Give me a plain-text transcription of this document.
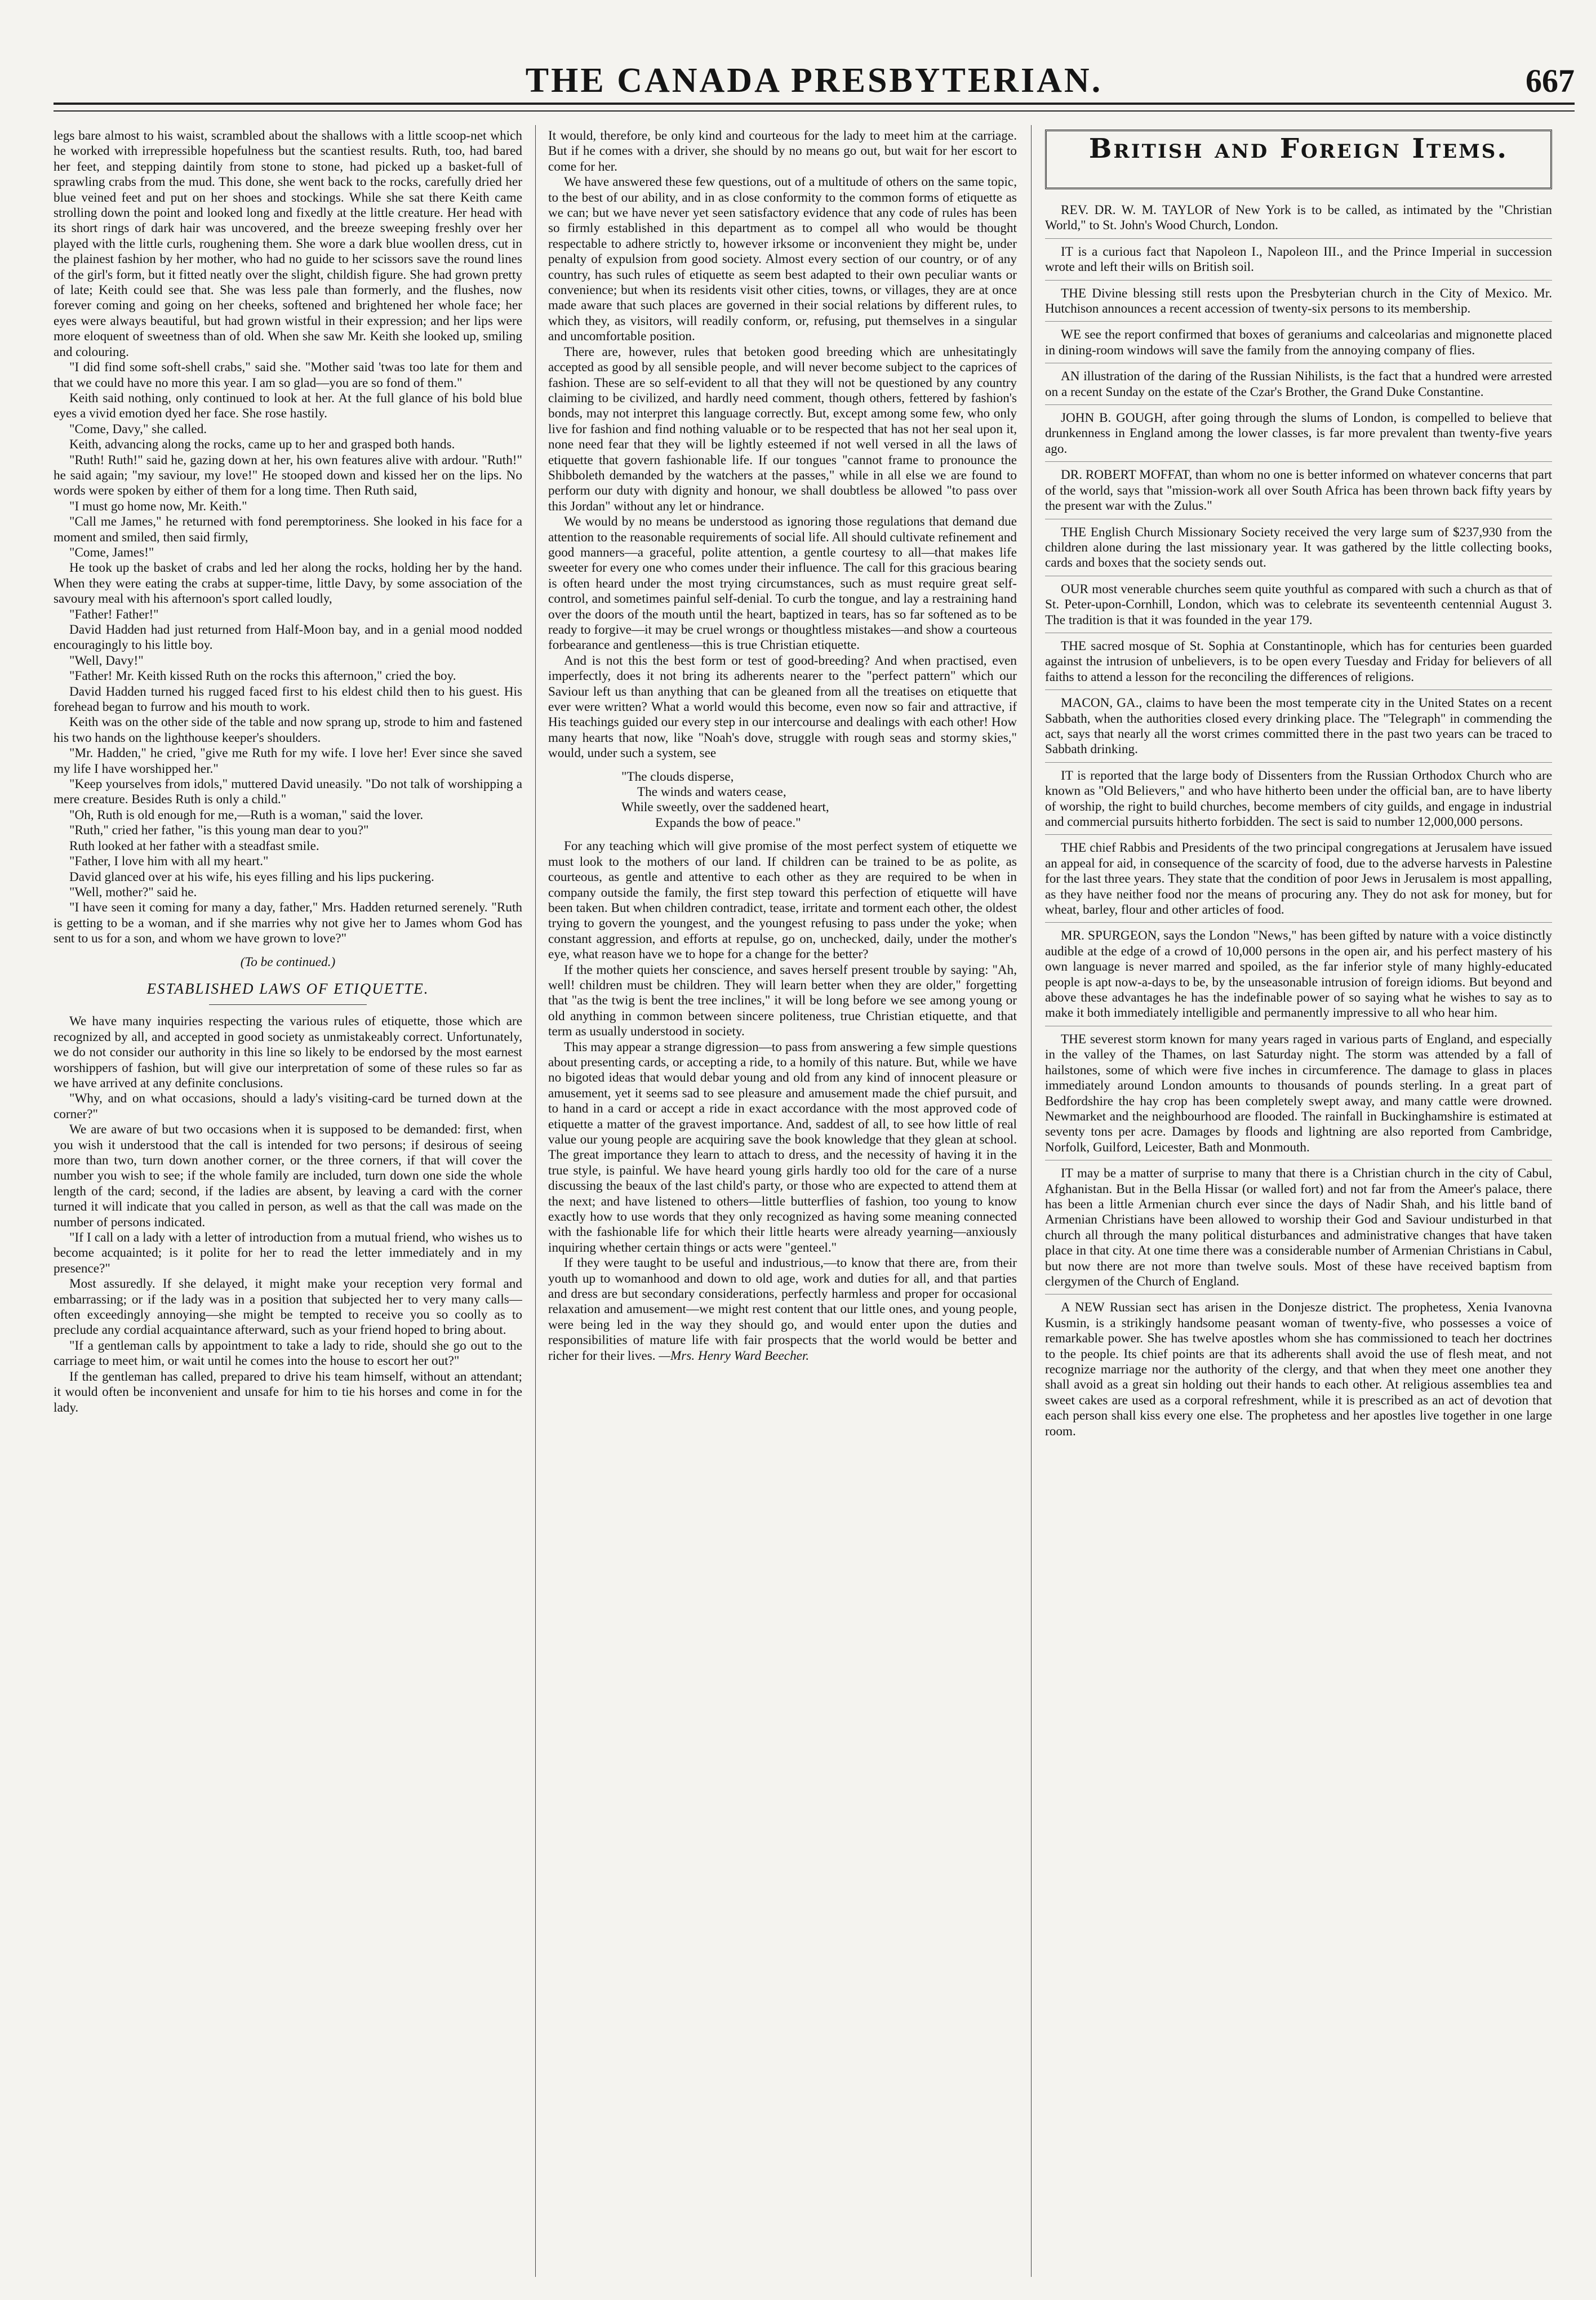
THE CANADA PRESBYTERIAN.	667

legs bare almost to his waist, scrambled about the shallows with a little scoop-net which he worked with irrepressible hopefulness but the scantiest results. Ruth, too, had bared her feet, and stepping daintily from stone to stone, had picked up a basket-full of sprawling crabs from the mud. This done, she went back to the rocks, carefully dried her blue veined feet and put on her shoes and stockings. While she sat there Keith came strolling down the point and looked long and fixedly at the little creature. Her head with its short rings of dark hair was uncovered, and the breeze sweeping freshly over her played with the little curls, roughening them. She wore a dark blue woollen dress, cut in the plainest fashion by her mother, who had no guide to her scissors save the round lines of the girl's form, but it fitted neatly over the slight, childish figure. She had grown pretty of late; Keith could see that. She was less pale than formerly, and the flushes, now forever coming and going on her cheeks, softened and brightened her whole face; her eyes were always beautiful, but had grown wistful in their expression; and her lips were more eloquent of sweetness than of old. When she saw Mr. Keith she looked up, smiling and colouring.

"I did find some soft-shell crabs," said she. "Mother said 'twas too late for them and that we could have no more this year. I am so glad—you are so fond of them."

Keith said nothing, only continued to look at her. At the full glance of his bold blue eyes a vivid emotion dyed her face. She rose hastily.

"Come, Davy," she called.

Keith, advancing along the rocks, came up to her and grasped both hands.

"Ruth! Ruth!" said he, gazing down at her, his own features alive with ardour. "Ruth!" he said again; "my saviour, my love!" He stooped down and kissed her on the lips. No words were spoken by either of them for a long time. Then Ruth said,

"I must go home now, Mr. Keith."

"Call me James," he returned with fond peremptoriness. She looked in his face for a moment and smiled, then said firmly,

"Come, James!"

He took up the basket of crabs and led her along the rocks, holding her by the hand. When they were eating the crabs at supper-time, little Davy, by some association of the savoury meal with his afternoon's sport called loudly,

"Father! Father!"

David Hadden had just returned from Half-Moon bay, and in a genial mood nodded encouragingly to his little boy.

"Well, Davy!"

"Father! Mr. Keith kissed Ruth on the rocks this afternoon," cried the boy.

David Hadden turned his rugged faced first to his eldest child then to his guest. His forehead began to furrow and his mouth to work.

Keith was on the other side of the table and now sprang up, strode to him and fastened his two hands on the lighthouse keeper's shoulders.

"Mr. Hadden," he cried, "give me Ruth for my wife. I love her! Ever since she saved my life I have worshipped her."

"Keep yourselves from idols," muttered David uneasily. "Do not talk of worshipping a mere creature. Besides Ruth is only a child."

"Oh, Ruth is old enough for me,—Ruth is a woman," said the lover.

"Ruth," cried her father, "is this young man dear to you?"

Ruth looked at her father with a steadfast smile.

"Father, I love him with all my heart."

David glanced over at his wife, his eyes filling and his lips puckering.

"Well, mother?" said he.

"I have seen it coming for many a day, father," Mrs. Hadden returned serenely. "Ruth is getting to be a woman, and if she marries why not give her to James whom God has sent to us for a son, and whom we have grown to love?"

(To be continued.)

ESTABLISHED LAWS OF ETIQUETTE.

We have many inquiries respecting the various rules of etiquette, those which are recognized by all, and accepted in good society as unmistakeably correct. Unfortunately, we do not consider our authority in this line so likely to be endorsed by the most earnest worshippers of fashion, but will give our interpretation of some of these rules so far as we have arrived at any definite conclusions.

"Why, and on what occasions, should a lady's visiting-card be turned down at the corner?"

We are aware of but two occasions when it is supposed to be demanded: first, when you wish it understood that the call is intended for two persons; if desirous of seeing more than two, turn down another corner, or the three corners, if that will cover the number you wish to see; if the whole family are included, turn down one side the whole length of the card; second, if the ladies are absent, by leaving a card with the corner turned it will indicate that you called in person, as well as that the call was made on the number of persons indicated.

"If I call on a lady with a letter of introduction from a mutual friend, who wishes us to become acquainted; is it polite for her to read the letter immediately and in my presence?"

Most assuredly. If she delayed, it might make your reception very formal and embarrassing; or if the lady was in a position that subjected her to very many calls—often exceedingly annoying—she might be tempted to receive you so coolly as to preclude any cordial acquaintance afterward, such as your friend hoped to bring about.

"If a gentleman calls by appointment to take a lady to ride, should she go out to the carriage to meet him, or wait until he comes into the house to escort her out?"

If the gentleman has called, prepared to drive his team himself, without an attendant; it would often be inconvenient and unsafe for him to tie his horses and come in for the lady.

It would, therefore, be only kind and courteous for the lady to meet him at the carriage. But if he comes with a driver, she should by no means go out, but wait for her escort to come for her.

We have answered these few questions, out of a multitude of others on the same topic, to the best of our ability, and in as close conformity to the common forms of etiquette as we can; but we have never yet seen satisfactory evidence that any code of rules has been so firmly established in this department as to compel all who would be thought respectable to adhere strictly to, however irksome or inconvenient they might be, under penalty of expulsion from good society. Almost every section of our country, or of any country, has such rules of etiquette as seem best adapted to their own peculiar wants or convenience; but when its residents visit other cities, towns, or villages, they are at once made aware that such places are governed in their social relations by different rules, to which they, as visitors, will readily conform, or, refusing, put themselves in a singular and uncomfortable position.

There are, however, rules that betoken good breeding which are unhesitatingly accepted as good by all sensible people, and will never become subject to the caprices of fashion. These are so self-evident to all that they will not be questioned by any country claiming to be civilized, and hardly need comment, though others, fettered by fashion's bonds, may not interpret this language correctly. But, except among some few, who only live for fashion and find nothing valuable or to be respected that has not her seal upon it, none need fear that they will be lightly esteemed if not well versed in all the laws of etiquette that govern fashionable life. If our tongues "cannot frame to pronounce the Shibboleth demanded by the watchers at the passes," while in all else we are found to perform our duty with dignity and honour, we shall doubtless be allowed "to pass over this Jordan" without any let or hindrance.

We would by no means be understood as ignoring those regulations that demand due attention to the reasonable requirements of social life. All should cultivate refinement and good manners—a graceful, polite attention, a gentle courtesy to all—that makes life sweeter for every one who comes under their influence. The call for this gracious bearing is often heard under the most trying circumstances, such as must require great self-control, and sometimes painful self-denial. To curb the tongue, and lay a restraining hand over the doors of the mouth until the heart, baptized in tears, has so far softened as to be ready to forgive—it may be cruel wrongs or thoughtless mistakes—and show a courteous forbearance and gentleness—this is true Christian etiquette.

And is not this the best form or test of good-breeding? And when practised, even imperfectly, does it not bring its adherents nearer to the "perfect pattern" which our Saviour left us than anything that can be gleaned from all the treatises on etiquette that ever were written? What a world would this become, even now so fair and attractive, if His teachings guided our every step in our intercourse and dealings with each other! How many hearts that now, like "Noah's dove, struggle with rough seas and stormy skies," would, under such a system, see

"The clouds disperse,
The winds and waters cease,
While sweetly, over the saddened heart,
Expands the bow of peace."

For any teaching which will give promise of the most perfect system of etiquette we must look to the mothers of our land. If children can be trained to be as polite, as courteous, as gentle and attentive to each other as they are required to be when in company outside the family, the first step toward this perfection of etiquette will have been taken. But when children contradict, tease, irritate and torment each other, the oldest trying to govern the youngest, and the youngest refusing to pass under the yoke; when constant aggression, and efforts at repulse, go on, unchecked, daily, under the mother's eye, what reason have we to hope for a change for the better?

If the mother quiets her conscience, and saves herself present trouble by saying: "Ah, well! children must be children. They will learn better when they are older," forgetting that "as the twig is bent the tree inclines," it will be long before we see among young or old anything in common between sincere politeness, true Christian etiquette, and that term as usually understood in society.

This may appear a strange digression—to pass from answering a few simple questions about presenting cards, or accepting a ride, to a homily of this nature. But, while we have no bigoted ideas that would debar young and old from any kind of innocent pleasure or amusement, yet it seems sad to see pleasure and amusement made the chief pursuit, and to hand in a card or accept a ride in exact accordance with the most approved code of etiquette a matter of the gravest importance. And, saddest of all, to see how little of real value our young people are acquiring save the book knowledge that they glean at school. The great importance they learn to attach to dress, and the necessity of having it in the true style, is painful. We have heard young girls hardly too old for the care of a nurse discussing the beaux of the last child's party, or those who are expected to attend them at the next; and have listened to others—little butterflies of fashion, too young to know exactly how to use words that they only recognized as having some meaning connected with the fashionable life for which their little hearts were already yearning—anxiously inquiring whether certain things or acts were "genteel."

If they were taught to be useful and industrious,—to know that there are, from their youth up to womanhood and down to old age, work and duties for all, and that parties and dress are but secondary considerations, perfectly harmless and proper for occasional relaxation and amusement—we might rest content that our little ones, and young people, were being led in the way they should go, and would enter upon the duties and responsibilities of mature life with fair prospects that the world would be better and richer for their lives. —Mrs. Henry Ward Beecher.

British and Foreign Items.

REV. DR. W. M. TAYLOR of New York is to be called, as intimated by the "Christian World," to St. John's Wood Church, London.

IT is a curious fact that Napoleon I., Napoleon III., and the Prince Imperial in succession wrote and left their wills on British soil.

THE Divine blessing still rests upon the Presbyterian church in the City of Mexico. Mr. Hutchison announces a recent accession of twenty-six persons to its membership.

WE see the report confirmed that boxes of geraniums and calceolarias and mignonette placed in dining-room windows will save the family from the annoying company of flies.

AN illustration of the daring of the Russian Nihilists, is the fact that a hundred were arrested on a recent Sunday on the estate of the Czar's Brother, the Grand Duke Constantine.

JOHN B. GOUGH, after going through the slums of London, is compelled to believe that drunkenness in England among the lower classes, is far more prevalent than twenty-five years ago.

DR. ROBERT MOFFAT, than whom no one is better informed on whatever concerns that part of the world, says that "mission-work all over South Africa has been thrown back fifty years by the present war with the Zulus."

THE English Church Missionary Society received the very large sum of $237,930 from the children alone during the last missionary year. It was gathered by the little collecting books, cards and boxes that the society sends out.

OUR most venerable churches seem quite youthful as compared with such a church as that of St. Peter-upon-Cornhill, London, which was to celebrate its seventeenth centennial August 3. The tradition is that it was founded in the year 179.

THE sacred mosque of St. Sophia at Constantinople, which has for centuries been guarded against the intrusion of unbelievers, is to be open every Tuesday and Friday for believers of all faiths to attend a lesson for the reconciling the differences of religions.

MACON, GA., claims to have been the most temperate city in the United States on a recent Sabbath, when the authorities closed every drinking place. The "Telegraph" in commending the act, says that nearly all the worst crimes committed there in the past two years can be traced to Sabbath drinking.

IT is reported that the large body of Dissenters from the Russian Orthodox Church who are known as "Old Believers," and who have hitherto been under the official ban, are to have liberty of worship, the right to build churches, become members of city guilds, and engage in industrial and commercial pursuits hitherto forbidden. The sect is said to number 12,000,000 persons.

THE chief Rabbis and Presidents of the two principal congregations at Jerusalem have issued an appeal for aid, in consequence of the scarcity of food, due to the adverse harvests in Palestine for the last three years. They state that the condition of poor Jews in Jerusalem is most appalling, as they have neither food nor the means of procuring any. They do not ask for money, but for wheat, barley, flour and other articles of food.

MR. SPURGEON, says the London "News," has been gifted by nature with a voice distinctly audible at the edge of a crowd of 10,000 persons in the open air, and his perfect mastery of his own language is never marred and spoiled, as the far inferior style of many highly-educated people is apt now-a-days to be, by the unseasonable intrusion of foreign idioms. But beyond and above these advantages he has the indefinable power of so saying what he wishes to say as to make it both immediately intelligible and permanently impressive to all who hear him.

THE severest storm known for many years raged in various parts of England, and especially in the valley of the Thames, on last Saturday night. The storm was attended by a fall of hailstones, some of which were five inches in circumference. The damage to glass in places immediately around London amounts to thousands of pounds sterling. In a great part of Bedfordshire the hay crop has been completely swept away, and many cattle were drowned. Newmarket and the neighbourhood are flooded. The rainfall in Buckinghamshire is estimated at seventy tons per acre. Damages by floods and lightning are also reported from Cambridge, Norfolk, Guilford, Leicester, Bath and Monmouth.

IT may be a matter of surprise to many that there is a Christian church in the city of Cabul, Afghanistan. But in the Bella Hissar (or walled fort) and not far from the Ameer's palace, there has been a little Armenian church ever since the days of Nadir Shah, and his little band of Armenian Christians have been allowed to worship their God and Saviour undisturbed in that church all through the many political disturbances and administrative changes that have taken place in that city. At one time there was a considerable number of Armenian Christians in Cabul, but now there are not more than twelve souls. Most of these have received baptism from clergymen of the Church of England.

A NEW Russian sect has arisen in the Donjesze district. The prophetess, Xenia Ivanovna Kusmin, is a strikingly handsome peasant woman of twenty-five, who possesses a voice of remarkable power. She has twelve apostles whom she has commissioned to teach her doctrines to the people. Its chief points are that its adherents shall avoid the use of flesh meat, and not recognize marriage nor the authority of the clergy, and that when they meet one another they shall avoid as a great sin holding out their hands to each other. At religious assemblies tea and sweet cakes are used as a corporal refreshment, while it is prescribed as an act of devotion that each person shall kiss every one else. The prophetess and her apostles live together in one large room.
